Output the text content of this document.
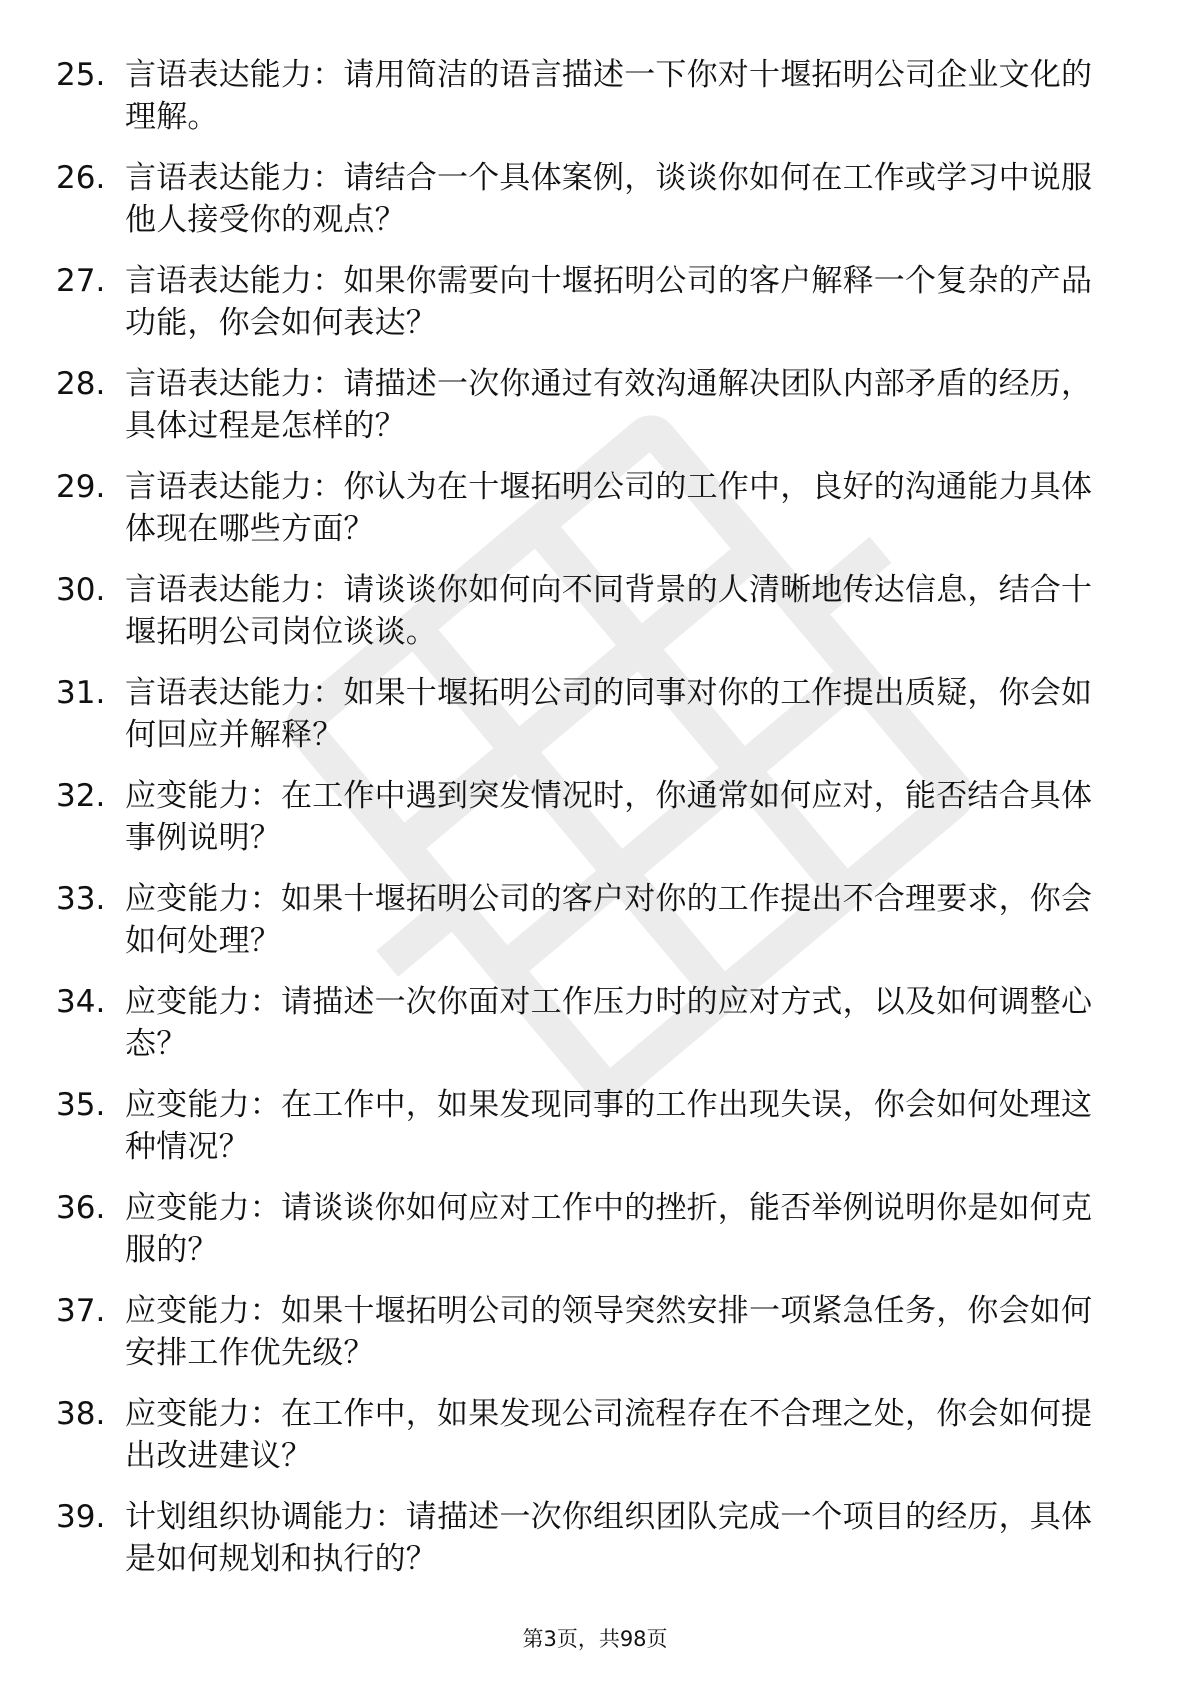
25. 言语表达能力：请用简洁的语言描述一下你对十堰拓明公司企业文化的理解。
26. 言语表达能力：请结合一个具体案例，谈谈你如何在工作或学习中说服他人接受你的观点？
27. 言语表达能力：如果你需要向十堰拓明公司的客户解释一个复杂的产品功能，你会如何表达？
28. 言语表达能力：请描述一次你通过有效沟通解决团队内部矛盾的经历，具体过程是怎样的？
29. 言语表达能力：你认为在十堰拓明公司的工作中，良好的沟通能力具体体现在哪些方面？
30. 言语表达能力：请谈谈你如何向不同背景的人清晰地传达信息，结合十堰拓明公司岗位谈谈。
31. 言语表达能力：如果十堰拓明公司的同事对你的工作提出质疑，你会如何回应并解释？
32. 应变能力：在工作中遇到突发情况时，你通常如何应对，能否结合具体事例说明？
33. 应变能力：如果十堰拓明公司的客户对你的工作提出不合理要求，你会如何处理？
34. 应变能力：请描述一次你面对工作压力时的应对方式，以及如何调整心态？
35. 应变能力：在工作中，如果发现同事的工作出现失误，你会如何处理这种情况？
36. 应变能力：请谈谈你如何应对工作中的挫折，能否举例说明你是如何克服的？
37. 应变能力：如果十堰拓明公司的领导突然安排一项紧急任务，你会如何安排工作优先级？
38. 应变能力：在工作中，如果发现公司流程存在不合理之处，你会如何提出改进建议？
39. 计划组织协调能力：请描述一次你组织团队完成一个项目的经历，具体是如何规划和执行的？
第3页，共98页
